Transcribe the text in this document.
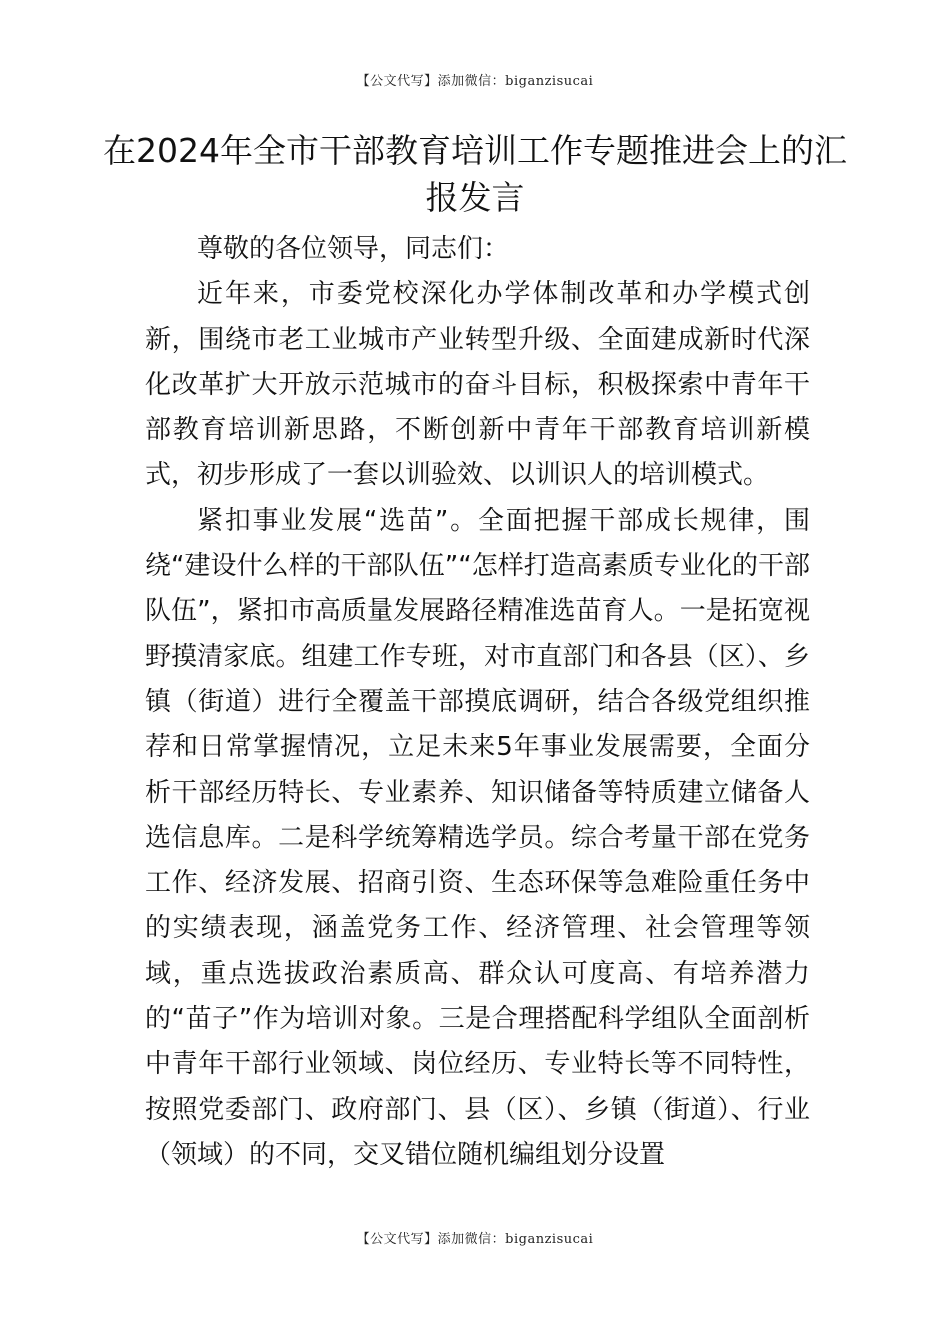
【公文代写】添加微信：biganzisucai
在2024年全市干部教育培训工作专题推进会上的汇报发言

尊敬的各位领导，同志们：

近年来，市委党校深化办学体制改革和办学模式创新，围绕市老工业城市产业转型升级、全面建成新时代深化改革扩大开放示范城市的奋斗目标，积极探索中青年干部教育培训新思路，不断创新中青年干部教育培训新模式，初步形成了一套以训验效、以训识人的培训模式。

紧扣事业发展“选苗”。全面把握干部成长规律，围绕“建设什么样的干部队伍”“怎样打造高素质专业化的干部队伍”，紧扣市高质量发展路径精准选苗育人。一是拓宽视野摸清家底。组建工作专班，对市直部门和各县（区）、乡镇（街道）进行全覆盖干部摸底调研，结合各级党组织推荐和日常掌握情况，立足未来5年事业发展需要，全面分析干部经历特长、专业素养、知识储备等特质建立储备人选信息库。二是科学统筹精选学员。综合考量干部在党务工作、经济发展、招商引资、生态环保等急难险重任务中的实绩表现，涵盖党务工作、经济管理、社会管理等领域，重点选拔政治素质高、群众认可度高、有培养潜力的“苗子”作为培训对象。三是合理搭配科学组队全面剖析中青年干部行业领域、岗位经历、专业特长等不同特性，按照党委部门、政府部门、县（区）、乡镇（街道）、行业（领域）的不同，交叉错位随机编组划分设置

【公文代写】添加微信：biganzisucai
